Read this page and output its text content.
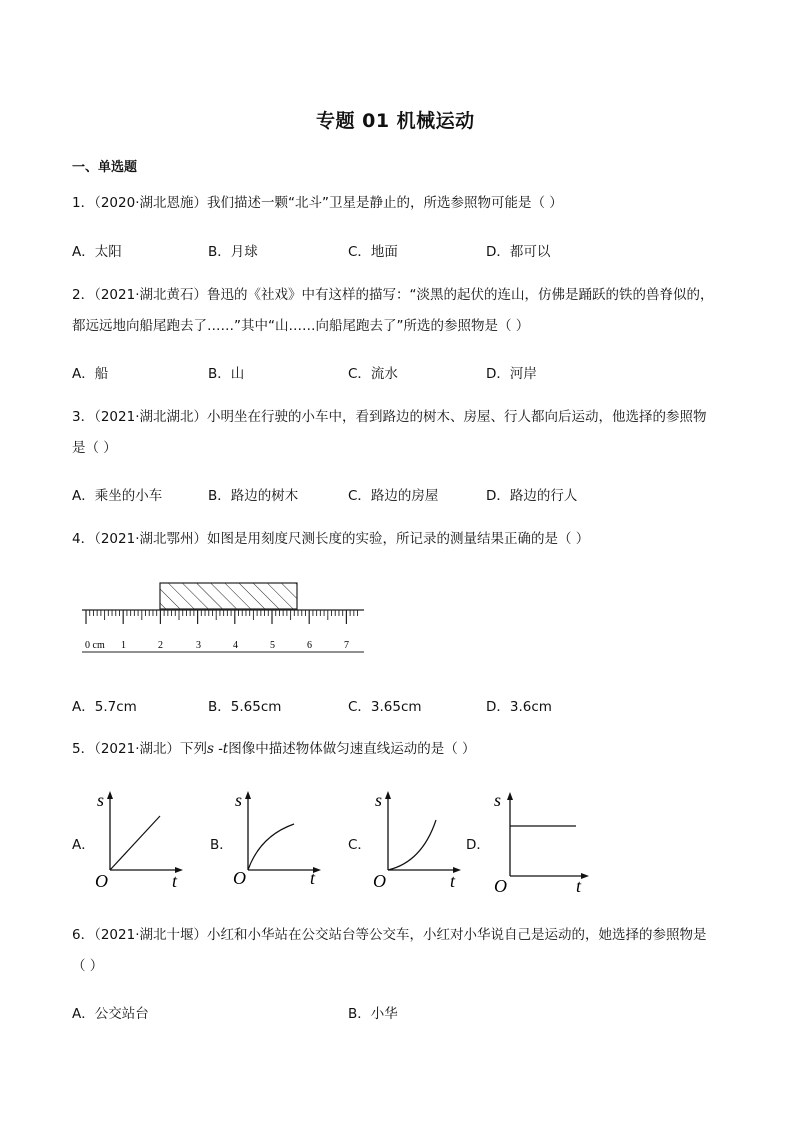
专题 01 机械运动
一、单选题
1．（2020·湖北恩施）我们描述一颗“北斗”卫星是静止的，所选参照物可能是（ ）
A．太阳	B．月球	C．地面	D．都可以
2．（2021·湖北黄石）鲁迅的《社戏》中有这样的描写：“淡黑的起伏的连山，仿佛是踊跃的铁的兽脊似的，
都远远地向船尾跑去了……”其中“山……向船尾跑去了”所选的参照物是（ ）
A．船	B．山	C．流水	D．河岸
3．（2021·湖北湖北）小明坐在行驶的小车中，看到路边的树木、房屋、行人都向后运动，他选择的参照物
是（ ）
A．乘坐的小车	B．路边的树木	C．路边的房屋	D．路边的行人
4．（2021·湖北鄂州）如图是用刻度尺测长度的实验，所记录的测量结果正确的是（ ）
0 cm 1	2	3	4	5	6	7
A．5.7cm	B．5.65cm	C．3.65cm	D．3.6cm
5．（2021·湖北）下列s -t图像中描述物体做匀速直线运动的是（ ）
A．	B．	C．	D．
s
t
O
s
t
O
s
t
O
s
t
O
6．（2021·湖北十堰）小红和小华站在公交站台等公交车，小红对小华说自己是运动的，她选择的参照物是
（ ）
A．公交站台	B．小华
